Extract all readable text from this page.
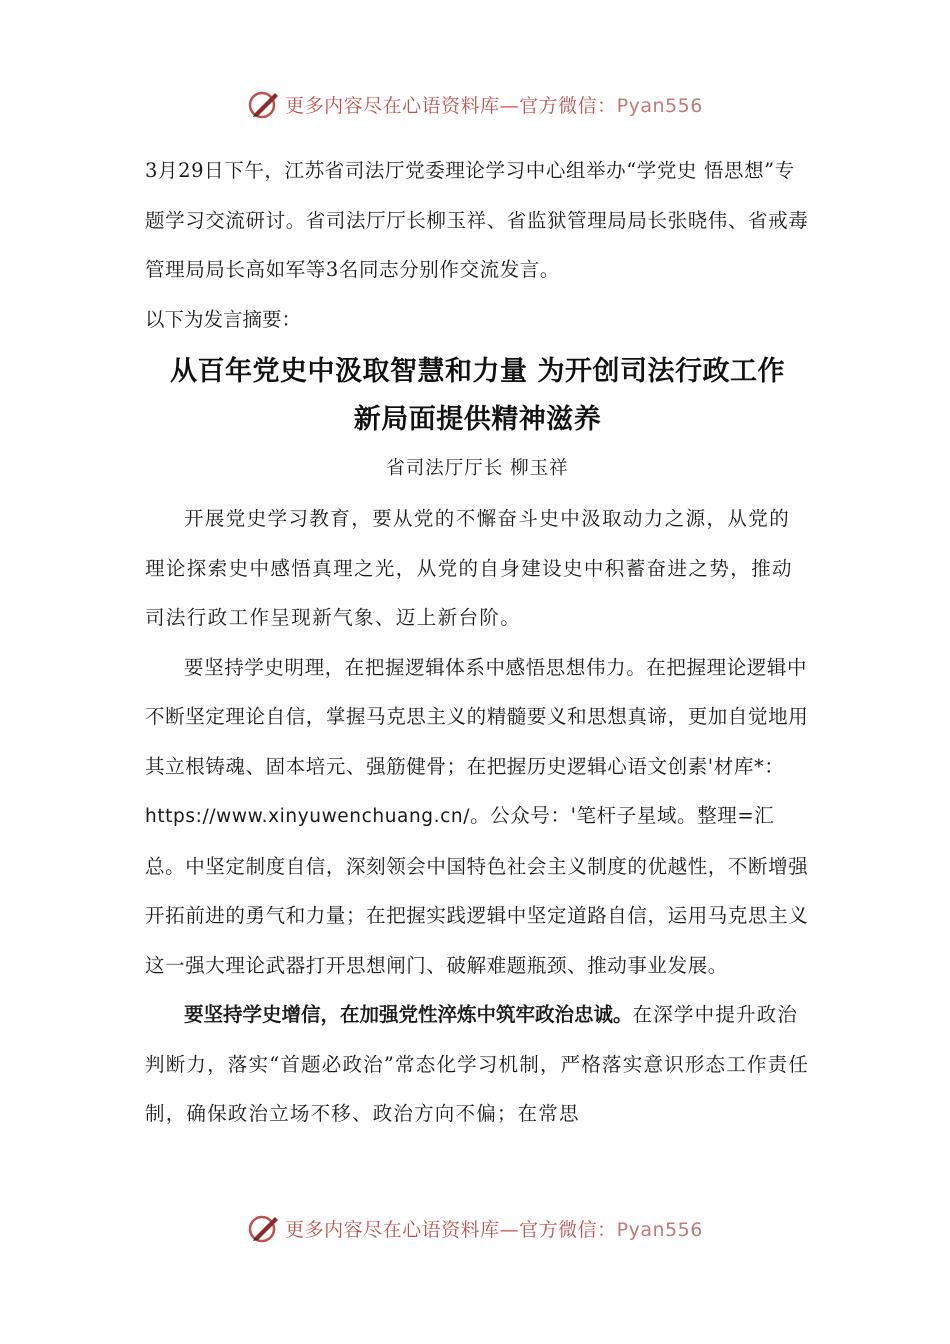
更多内容尽在心语资料库—官方微信：Pyan556

3月29日下午，江苏省司法厅党委理论学习中心组举办“学党史 悟思想”专题学习交流研讨。省司法厅厅长柳玉祥、省监狱管理局局长张晓伟、省戒毒管理局局长高如军等3名同志分别作交流发言。

以下为发言摘要：

从百年党史中汲取智慧和力量 为开创司法行政工作
新局面提供精神滋养

省司法厅厅长 柳玉祥

开展党史学习教育，要从党的不懈奋斗史中汲取动力之源，从党的理论探索史中感悟真理之光，从党的自身建设史中积蓄奋进之势，推动司法行政工作呈现新气象、迈上新台阶。

要坚持学史明理，在把握逻辑体系中感悟思想伟力。在把握理论逻辑中不断坚定理论自信，掌握马克思主义的精髓要义和思想真谛，更加自觉地用其立根铸魂、固本培元、强筋健骨；在把握历史逻辑心语文创素'材库*：https://www.xinyuwenchuang.cn/。公众号：'笔杆子星域。整理=汇总。中坚定制度自信，深刻领会中国特色社会主义制度的优越性，不断增强开拓前进的勇气和力量；在把握实践逻辑中坚定道路自信，运用马克思主义这一强大理论武器打开思想闸门、破解难题瓶颈、推动事业发展。

要坚持学史增信，在加强党性淬炼中筑牢政治忠诚。在深学中提升政治判断力，落实“首题必政治”常态化学习机制，严格落实意识形态工作责任制，确保政治立场不移、政治方向不偏；在常思

更多内容尽在心语资料库—官方微信：Pyan556
